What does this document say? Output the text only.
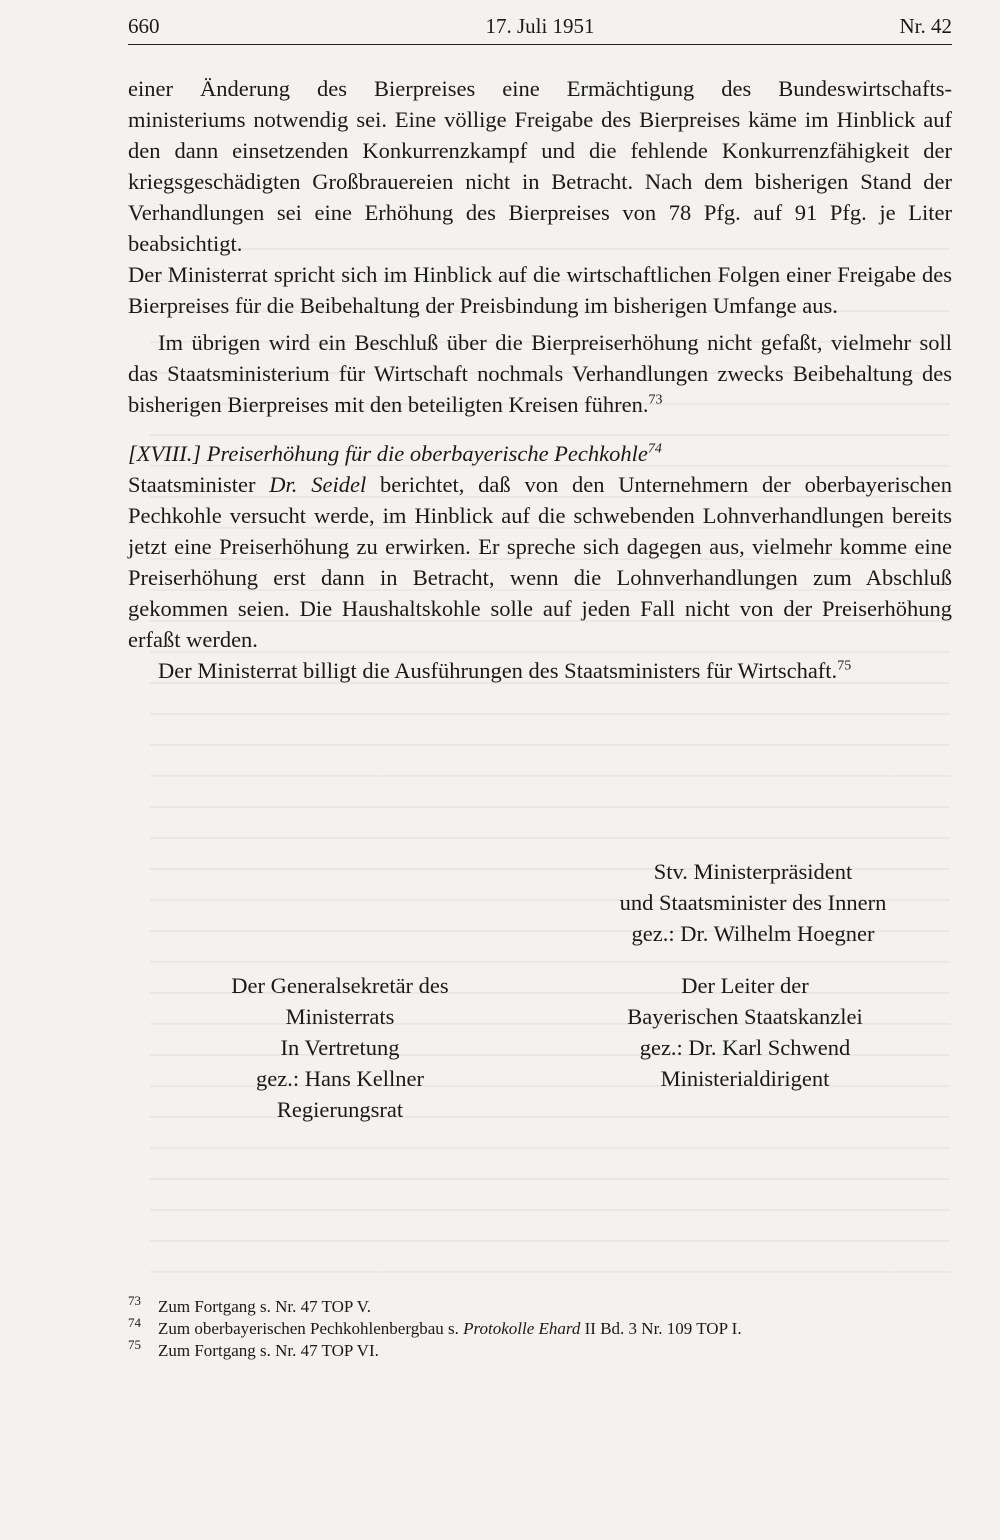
660	17. Juli 1951	Nr. 42

einer Änderung des Bierpreises eine Ermächtigung des Bundeswirtschafts-

ministeriums notwendig sei. Eine völlige Freigabe des Bierpreises käme im Hinblick auf den dann einsetzenden Konkurrenzkampf und die fehlende Konkurrenzfähigkeit der kriegsgeschädigten Großbrauereien nicht in Betracht. Nach dem bisherigen Stand der Verhandlungen sei eine Erhöhung des Bierpreises von 78 Pfg. auf 91 Pfg. je Liter beabsichtigt.

Der Ministerrat spricht sich im Hinblick auf die wirtschaftlichen Folgen einer Freigabe des Bierpreises für die Beibehaltung der Preisbindung im bisherigen Umfange aus.

Im übrigen wird ein Beschluß über die Bierpreiserhöhung nicht gefaßt, vielmehr soll das Staatsministerium für Wirtschaft nochmals Verhandlungen zwecks Beibehaltung des bisherigen Bierpreises mit den beteiligten Kreisen führen.$^{73}$

[XVIII.] Preiserhöhung für die oberbayerische Pechkohle$^{74}$

Staatsminister Dr. Seidel berichtet, daß von den Unternehmern der oberbayerischen Pechkohle versucht werde, im Hinblick auf die schwebenden Lohnverhandlungen bereits jetzt eine Preiserhöhung zu erwirken. Er spreche sich dagegen aus, vielmehr komme eine Preiserhöhung erst dann in Betracht, wenn die Lohnverhandlungen zum Abschluß gekommen seien. Die Haushaltskohle solle auf jeden Fall nicht von der Preiserhöhung erfaßt werden.

Der Ministerrat billigt die Ausführungen des Staatsministers für Wirtschaft.$^{75}$

Stv. Ministerpräsident
und Staatsminister des Innern
gez.: Dr. Wilhelm Hoegner
Der Generalsekretär des
Ministerrats
In Vertretung
gez.: Hans Kellner
Regierungsrat
Der Leiter der
Bayerischen Staatskanzlei
gez.: Dr. Karl Schwend
Ministerialdirigent
73 Zum Fortgang s. Nr. 47 TOP V.
74 Zum oberbayerischen Pechkohlenbergbau s. Protokolle Ehard II Bd. 3 Nr. 109 TOP I.
75 Zum Fortgang s. Nr. 47 TOP VI.
